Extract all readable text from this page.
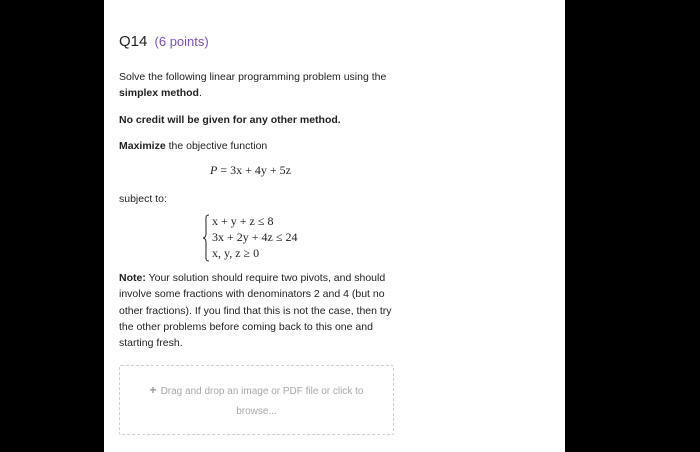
Q14 (6 points)
Solve the following linear programming problem using the
simplex method.
No credit will be given for any other method.
Maximize the objective function
P = 3x + 4y + 5z
subject to:
x + y + z ≤ 8
3x + 2y + 4z ≤ 24
x, y, z ≥ 0
Note: Your solution should require two pivots, and should involve some fractions with denominators 2 and 4 (but no other fractions). If you find that this is not the case, then try the other problems before coming back to this one and starting fresh.
+ Drag and drop an image or PDF file or click to
browse...
